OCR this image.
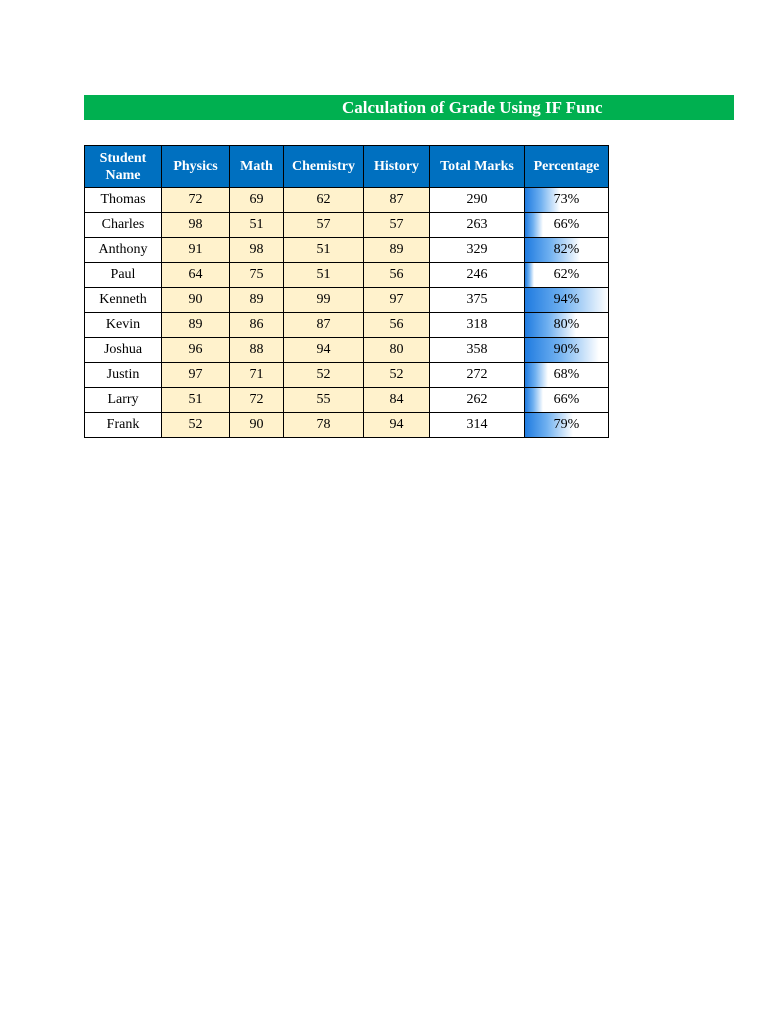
Calculation of Grade Using IF Func
Student Name	Physics	Math	Chemistry	History	Total Marks	Percentage
Thomas	72	69	62	87	290	73%
Charles	98	51	57	57	263	66%
Anthony	91	98	51	89	329	82%
Paul	64	75	51	56	246	62%
Kenneth	90	89	99	97	375	94%
Kevin	89	86	87	56	318	80%
Joshua	96	88	94	80	358	90%
Justin	97	71	52	52	272	68%
Larry	51	72	55	84	262	66%
Frank	52	90	78	94	314	79%
